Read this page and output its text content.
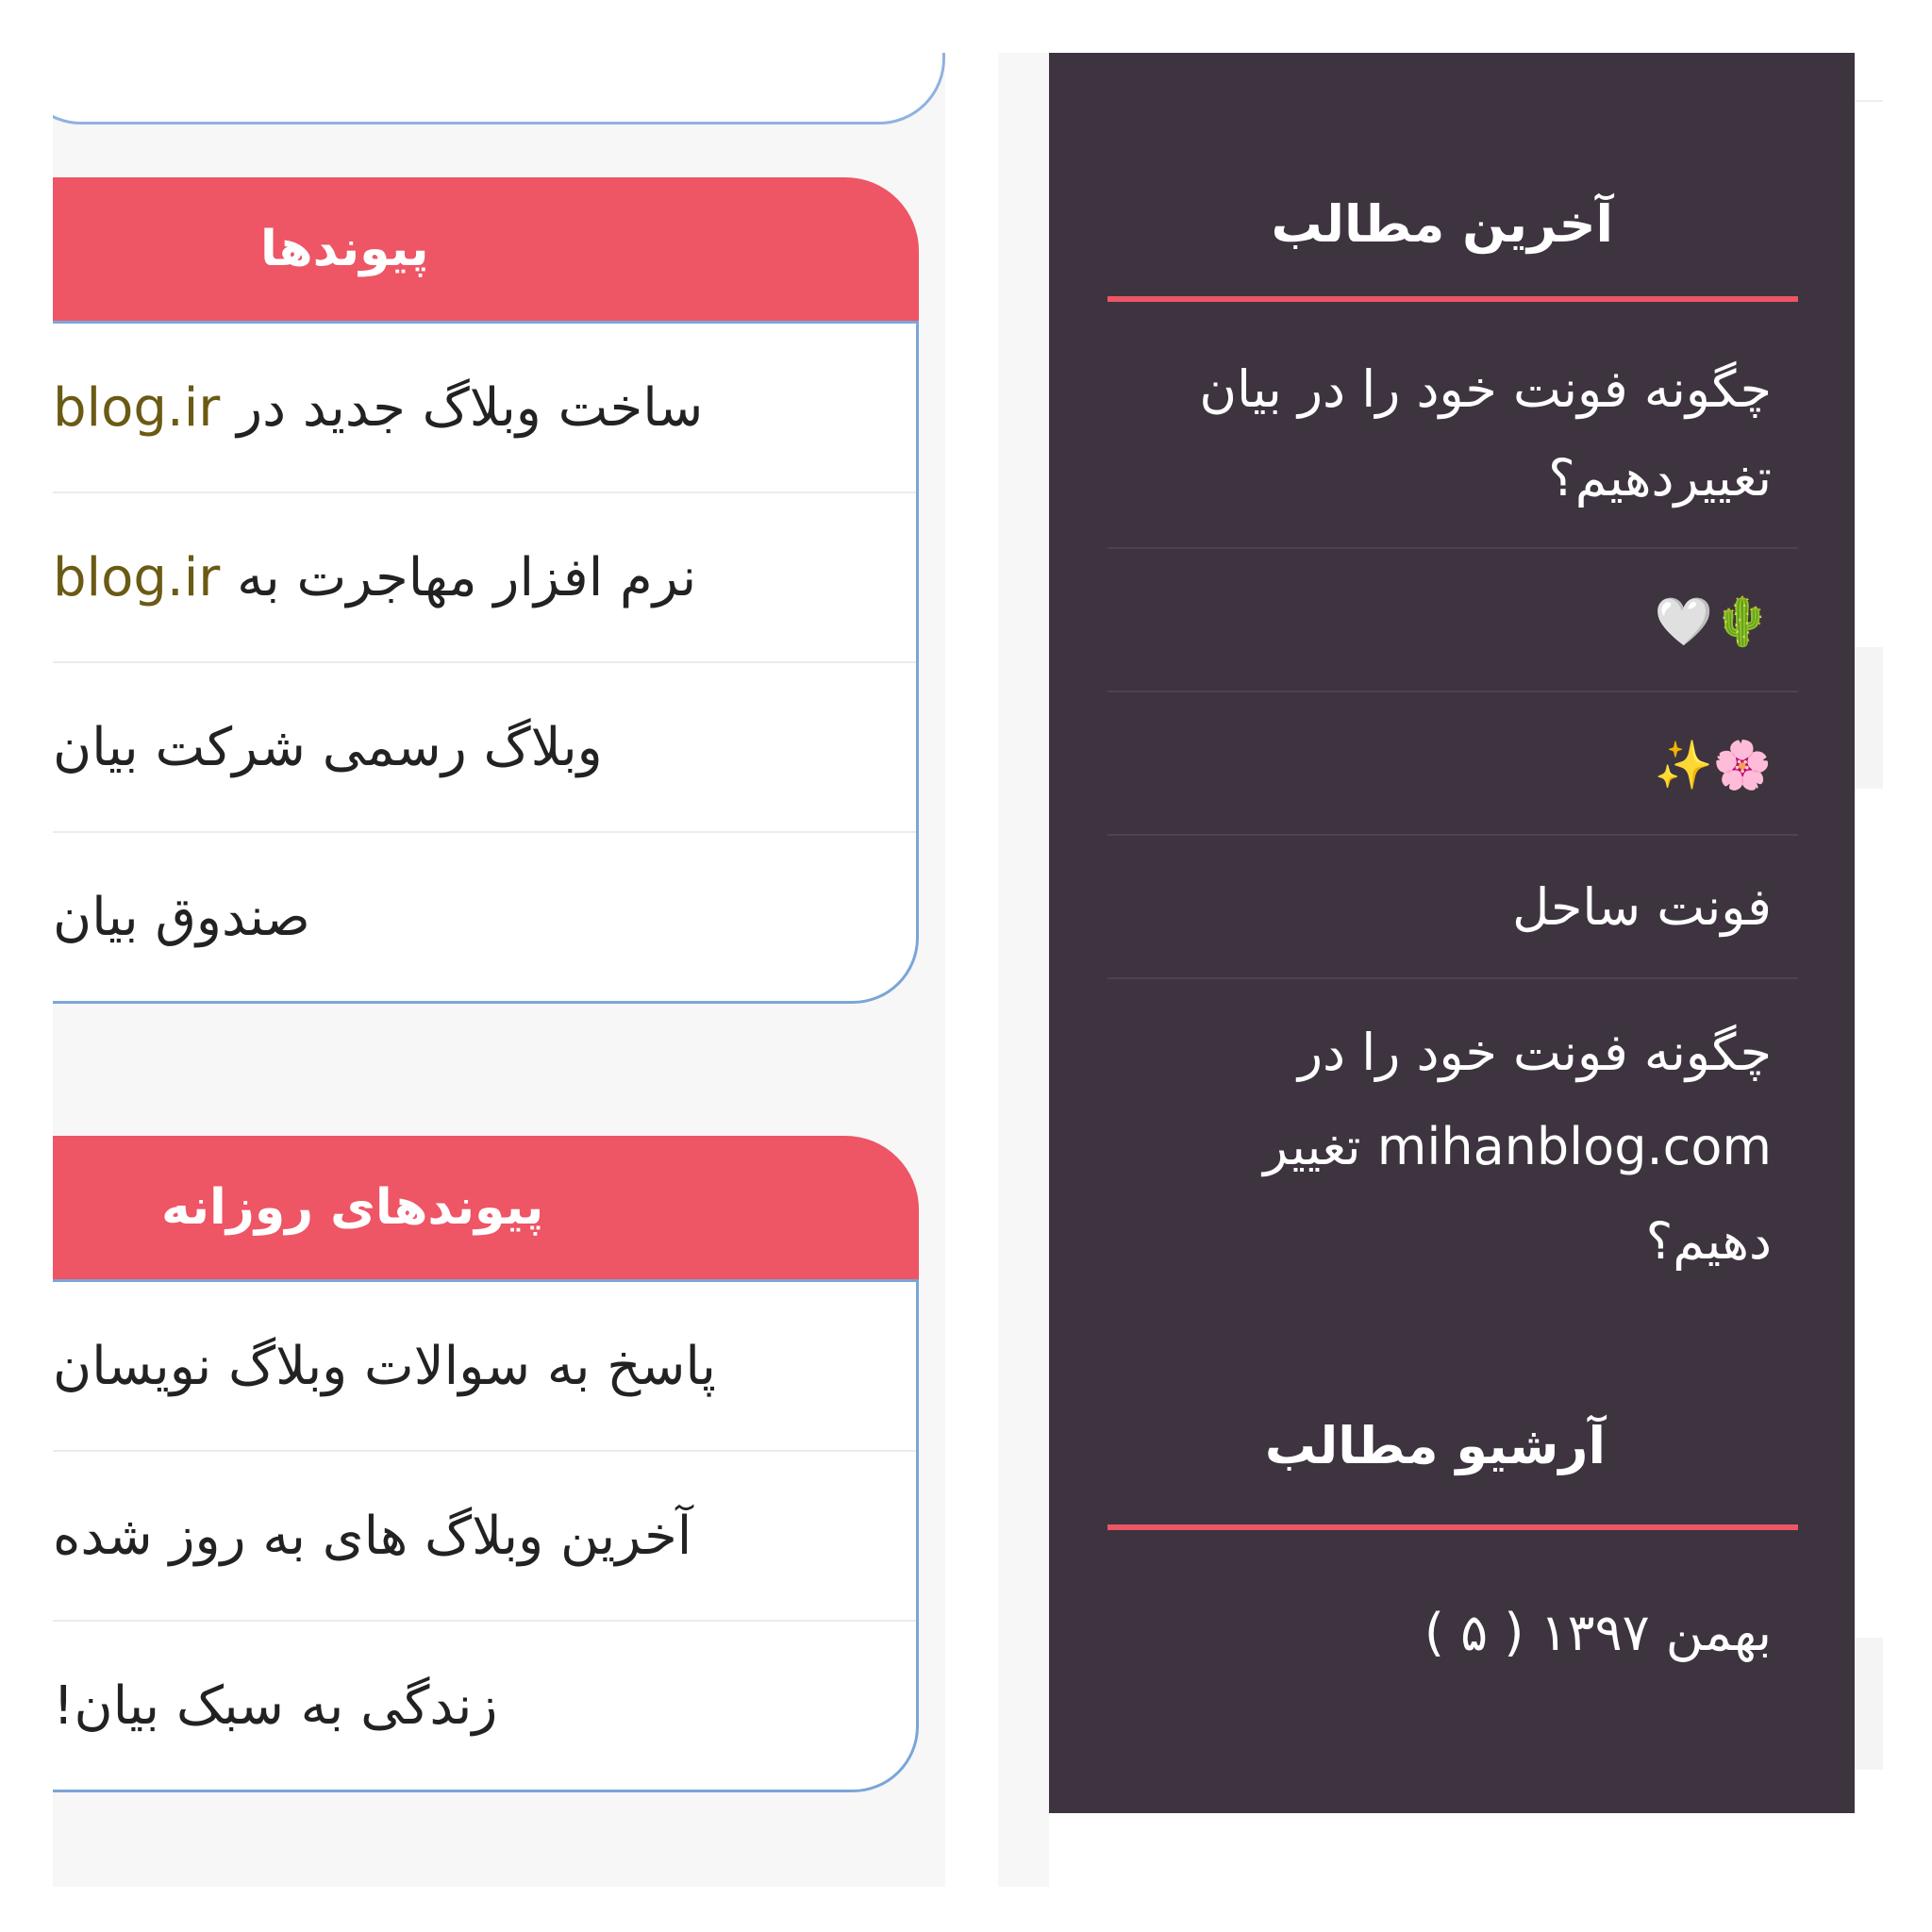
پیوندها
ساخت وبلاگ جدید در

blog.ir
نرم افزار مهاجرت به

blog.ir
وبلاگ رسمی شرکت بیان
صندوق بیان
پیوندهای روزانه
پاسخ به سوالات وبلاگ نویسان
آخرین وبلاگ های به روز شده
زندگی به سبک بیان!
آخرین مطالب
چگونه فونت خود را در بیان تغییردهیم؟
🌵🤍
🌸✨
فونت ساحل
چگونه فونت خود را در mihanblog.com تغییر دهیم؟
آرشیو مطالب
بهمن ۱۳۹۷ ( ۵ )
